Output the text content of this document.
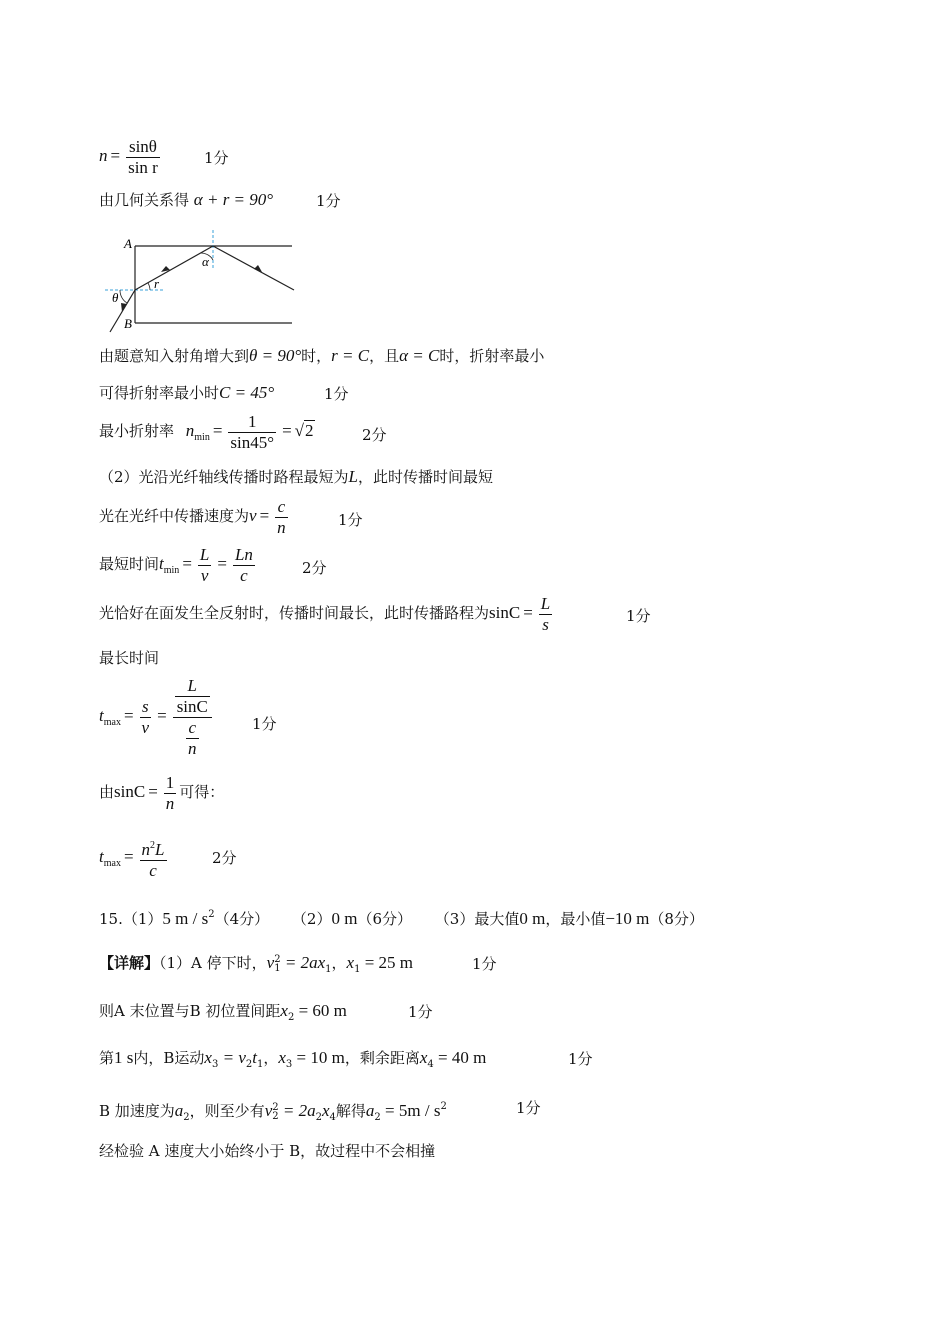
$n = \frac{\sin\theta}{\text{sin r}}$	1分
由几何关系得 α + r = 90°	1分
A
B
θ
r
α
由题意知入射角增大到θ = 90°时，r = C，且α = C时，折射率最小
可得折射率最小时C = 45°	1分
最小折射率 $n_{min} = \frac{1}{\sin 45^\circ} = √2$	2分
（2）光沿光纤轴线传播时路程最短为L，此时传播时间最短
光在光纤中传播速度为$v = \frac{c}{n}$	1分
最短时间$t_{min} = \frac{L}{v} = \frac{Ln}{c}$	2分
光恰好在面发生全反射时，传播时间最长，此时传播路程为$\sin C = \frac{L}{s}$	1分
最长时间
$t_{max} = \frac{s}{v} = \frac{\frac{L}{\sin C}}{\frac{c}{n}}$	1分
由$\sin C = \frac{1}{n}$ 可得：
$t_{max} = \frac{n^2L}{c}$	2分
15.（1）5 m / $s^2(4$分） （2）0 m（6分） （3）最大值0 m，最小值−10 m（8分）
【详解】（1）A 停下时，v 2
$1 = 2ax_1$，$x_1 = 25$ m	1分
则A 末位置与B 初位置间距$x_2 = 60$ m	1分
第1 s内，B运动$x_3 = v_2t_1$，$x_3 = 10$ m，剩余距离$x_4 = 40$ m	1分
B 加速度为$a_2$，则至少有v 2
$2 = 2a_2x_4$解得$a_2 = 5m / s^2$	1分
经检验 A 速度大小始终小于 B，故过程中不会相撞
